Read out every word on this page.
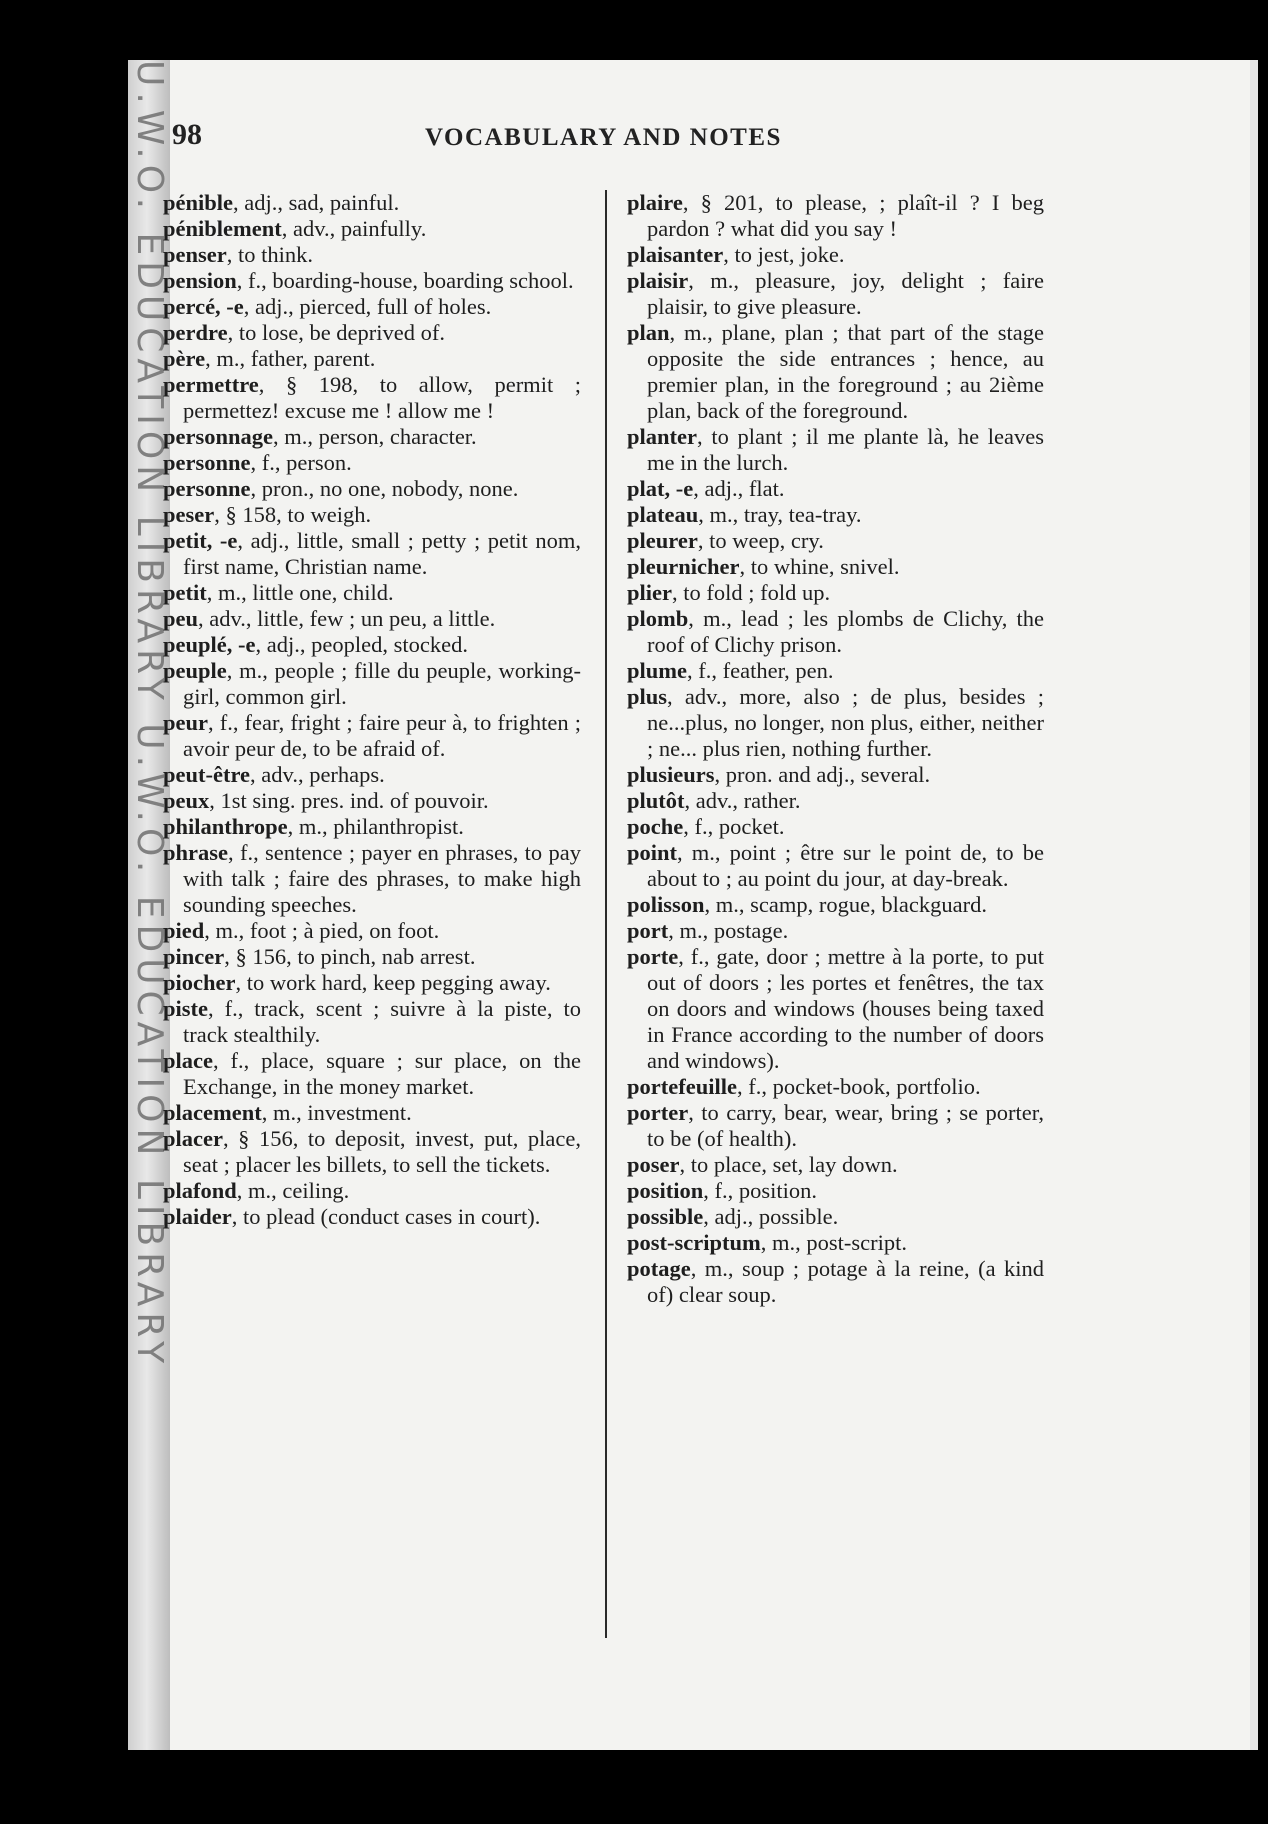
U.W.O. EDUCATION LIBRARY U.W.O. EDUCATION LIBRARY 98	VOCABULARY AND NOTES
pénible, adj., sad, painful.
péniblement, adv., painfully.
penser, to think.
pension, f., boarding-house, boarding school.
percé, -e, adj., pierced, full of holes.
perdre, to lose, be deprived of.
père, m., father, parent.
permettre, § 198, to allow, permit ; permettez! excuse me ! allow me !
personnage, m., person, character.
personne, f., person.
personne, pron., no one, nobody, none.
peser, § 158, to weigh.
petit, -e, adj., little, small ; petty ; petit nom, first name, Christian name.
petit, m., little one, child.
peu, adv., little, few ; un peu, a little.
peuplé, -e, adj., peopled, stocked.
peuple, m., people ; fille du peuple, working-girl, common girl.
peur, f., fear, fright ; faire peur à, to frighten ; avoir peur de, to be afraid of.
peut-être, adv., perhaps.
peux, 1st sing. pres. ind. of pouvoir.
philanthrope, m., philanthropist.
phrase, f., sentence ; payer en phrases, to pay with talk ; faire des phrases, to make high sounding speeches.
pied, m., foot ; à pied, on foot.
pincer, § 156, to pinch, nab arrest.
piocher, to work hard, keep pegging away.
piste, f., track, scent ; suivre à la piste, to track stealthily.
place, f., place, square ; sur place, on the Exchange, in the money market.
placement, m., investment.
placer, § 156, to deposit, invest, put, place, seat ; placer les billets, to sell the tickets.
plafond, m., ceiling.
plaider, to plead (conduct cases in court).
plaire, § 201, to please, ; plaît-il ? I beg pardon ? what did you say !
plaisanter, to jest, joke.
plaisir, m., pleasure, joy, delight ; faire plaisir, to give pleasure.
plan, m., plane, plan ; that part of the stage opposite the side entrances ; hence, au premier plan, in the foreground ; au 2ième plan, back of the foreground.
planter, to plant ; il me plante là, he leaves me in the lurch.
plat, -e, adj., flat.
plateau, m., tray, tea-tray.
pleurer, to weep, cry.
pleurnicher, to whine, snivel.
plier, to fold ; fold up.
plomb, m., lead ; les plombs de Clichy, the roof of Clichy prison.
plume, f., feather, pen.
plus, adv., more, also ; de plus, besides ; ne...plus, no longer, non plus, either, neither ; ne... plus rien, nothing further.
plusieurs, pron. and adj., several.
plutôt, adv., rather.
poche, f., pocket.
point, m., point ; être sur le point de, to be about to ; au point du jour, at day-break.
polisson, m., scamp, rogue, blackguard.
port, m., postage.
porte, f., gate, door ; mettre à la porte, to put out of doors ; les portes et fenêtres, the tax on doors and windows (houses being taxed in France according to the number of doors and windows).
portefeuille, f., pocket-book, portfolio.
porter, to carry, bear, wear, bring ; se porter, to be (of health).
poser, to place, set, lay down.
position, f., position.
possible, adj., possible.
post-scriptum, m., post-script.
potage, m., soup ; potage à la reine, (a kind of) clear soup.
